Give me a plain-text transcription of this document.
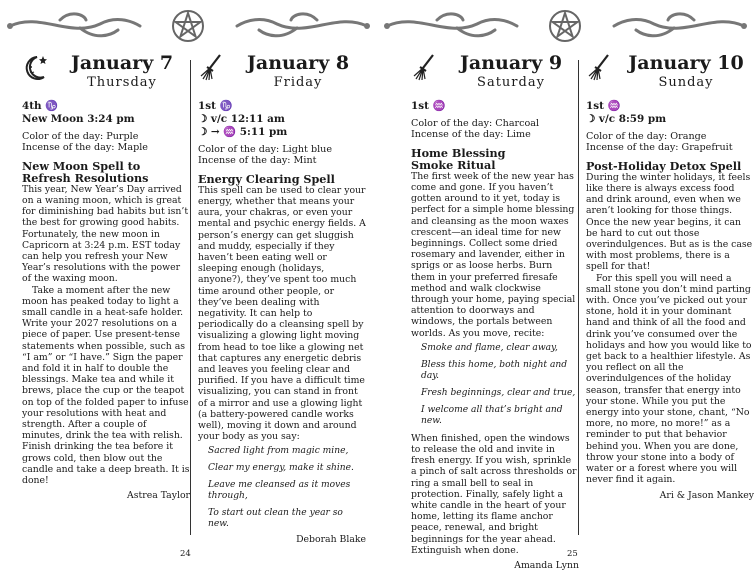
January 7
Thursday
4th ♑
New Moon 3:24 pm
Color of the day: Purple
Incense of the day: Maple
New Moon Spell to
Refresh Resolutions

This year, New Year’s Day arrived on a waning moon, which is great for diminishing bad habits but isn’t the best for growing good habits. Fortunately, the new moon in Capricorn at 3:24 p.m. EST today can help you refresh your New Year’s resolutions with the power of the waxing moon.

Take a moment after the new moon has peaked today to light a small candle in a heat-safe holder. Write your 2027 resolutions on a piece of paper. Use present-tense statements when possible, such as “I am” or “I have.” Sign the paper and fold it in half to double the blessings. Make tea and while it brews, place the cup or the teapot on top of the folded paper to infuse your resolutions with heat and strength. After a couple of minutes, drink the tea with relish. Finish drinking the tea before it grows cold, then blow out the candle and take a deep breath. It is done!

Astrea Taylor
January 8
Friday
1st ♑
☽ v/c 12:11 am
☽ → ♒ 5:11 pm
Color of the day: Light blue
Incense of the day: Mint
Energy Clearing Spell

This spell can be used to clear your energy, whether that means your aura, your chakras, or even your mental and psychic energy fields. A person’s energy can get sluggish and muddy, especially if they haven’t been eating well or sleeping enough (holidays, anyone?), they’ve spent too much time around other people, or they’ve been dealing with negativity. It can help to periodically do a cleansing spell by visualizing a glowing light moving from head to toe like a glowing net that captures any energetic debris and leaves you feeling clear and purified. If you have a difficult time visualizing, you can stand in front of a mirror and use a glowing light (a battery-powered candle works well), moving it down and around your body as you say:

Sacred light from magic mine,

Clear my energy, make it shine.

Leave me cleansed as it moves through,

To start out clean the year so new.

Deborah Blake
24
January 9
Saturday
1st ♒
Color of the day: Charcoal
Incense of the day: Lime
Home Blessing
Smoke Ritual

The first week of the new year has come and gone. If you haven’t gotten around to it yet, today is perfect for a simple home blessing and cleansing as the moon waxes crescent—an ideal time for new beginnings. Collect some dried rosemary and lavender, either in sprigs or as loose herbs. Burn them in your preferred firesafe method and walk clockwise through your home, paying special attention to doorways and windows, the portals between worlds. As you move, recite:

Smoke and flame, clear away,

Bless this home, both night and day.

Fresh beginnings, clear and true,

I welcome all that’s bright and new.

When finished, open the windows to release the old and invite in fresh energy. If you wish, sprinkle a pinch of salt across thresholds or ring a small bell to seal in protection. Finally, safely light a white candle in the heart of your home, letting its flame anchor peace, renewal, and bright beginnings for the year ahead. Extinguish when done.

Amanda Lynn
January 10
Sunday
1st ♒
☽ v/c 8:59 pm
Color of the day: Orange
Incense of the day: Grapefruit
Post-Holiday Detox Spell

During the winter holidays, it feels like there is always excess food and drink around, even when we aren’t looking for those things. Once the new year begins, it can be hard to cut out those overindulgences. But as is the case with most problems, there is a spell for that!

For this spell you will need a small stone you don’t mind parting with. Once you’ve picked out your stone, hold it in your dominant hand and think of all the food and drink you’ve consumed over the holidays and how you would like to get back to a healthier lifestyle. As you reflect on all the overindulgences of the holiday season, transfer that energy into your stone. While you put the energy into your stone, chant, “No more, no more, no more!” as a reminder to put that behavior behind you. When you are done, throw your stone into a body of water or a forest where you will never find it again.

Ari & Jason Mankey
25
